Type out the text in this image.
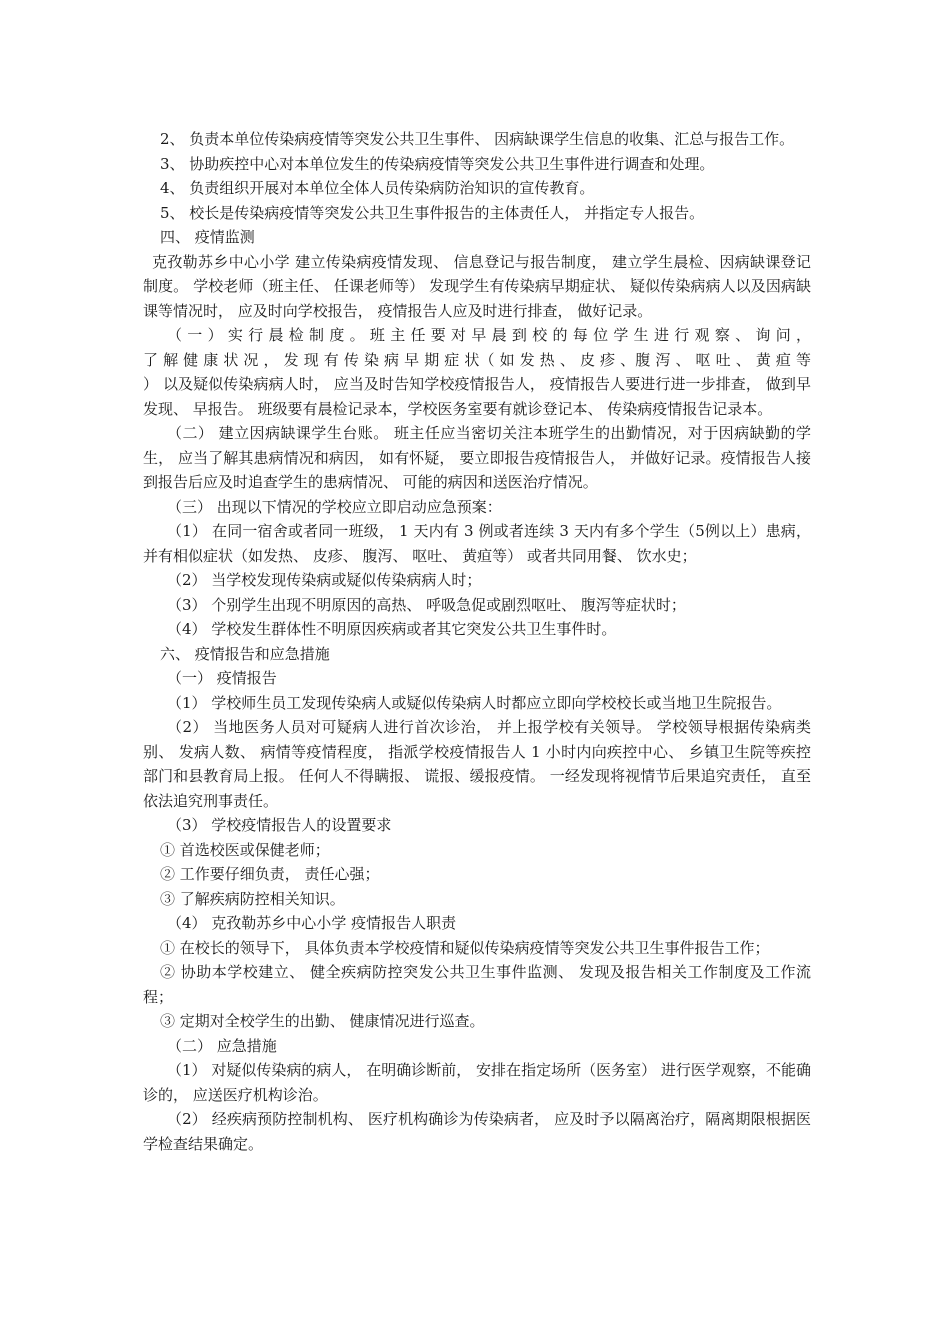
2、 负责本单位传染病疫情等突发公共卫生事件、 因病缺课学生信息的收集、汇总与报告工作。

3、 协助疾控中心对本单位发生的传染病疫情等突发公共卫生事件进行调查和处理。

4、 负责组织开展对本单位全体人员传染病防治知识的宣传教育。

5、 校长是传染病疫情等突发公共卫生事件报告的主体责任人， 并指定专人报告。

四、 疫情监测

克孜勒苏乡中心小学 建立传染病疫情发现、 信息登记与报告制度， 建立学生晨检、因病缺课登记制度。 学校老师（班主任、 任课老师等） 发现学生有传染病早期症状、 疑似传染病病人以及因病缺课等情况时， 应及时向学校报告， 疫情报告人应及时进行排查， 做好记录。

（ 一 ） 实 行 晨 检 制 度 。 班 主 任 要 对 早 晨 到 校 的 每 位 学 生 进 行 观 察 、 询 问 ， 了 解 健 康 状 况 ， 发 现 有 传 染 病 早 期 症 状（ 如 发 热 、 皮 疹 、腹 泻 、 呕 吐 、 黄 疸 等 ） 以及疑似传染病病人时， 应当及时告知学校疫情报告人， 疫情报告人要进行进一步排查， 做到早发现、 早报告。 班级要有晨检记录本，学校医务室要有就诊登记本、 传染病疫情报告记录本。

（二） 建立因病缺课学生台账。 班主任应当密切关注本班学生的出勤情况，对于因病缺勤的学生， 应当了解其患病情况和病因， 如有怀疑， 要立即报告疫情报告人， 并做好记录。疫情报告人接到报告后应及时追查学生的患病情况、 可能的病因和送医治疗情况。

（三） 出现以下情况的学校应立即启动应急预案：

（1） 在同一宿舍或者同一班级， 1 天内有 3 例或者连续 3 天内有多个学生（5例以上）患病， 并有相似症状（如发热、 皮疹、 腹泻、 呕吐、 黄疸等） 或者共同用餐、 饮水史；

（2） 当学校发现传染病或疑似传染病病人时；

（3） 个别学生出现不明原因的高热、 呼吸急促或剧烈呕吐、 腹泻等症状时；

（4） 学校发生群体性不明原因疾病或者其它突发公共卫生事件时。

六、 疫情报告和应急措施

（一） 疫情报告

（1） 学校师生员工发现传染病人或疑似传染病人时都应立即向学校校长或当地卫生院报告。

（2） 当地医务人员对可疑病人进行首次诊治， 并上报学校有关领导。 学校领导根据传染病类别、 发病人数、 病情等疫情程度， 指派学校疫情报告人 1 小时内向疾控中心、 乡镇卫生院等疾控部门和县教育局上报。 任何人不得瞒报、 谎报、缓报疫情。 一经发现将视情节后果追究责任， 直至依法追究刑事责任。

（3） 学校疫情报告人的设置要求

① 首选校医或保健老师；

② 工作要仔细负责， 责任心强；

③ 了解疾病防控相关知识。

（4） 克孜勒苏乡中心小学 疫情报告人职责

① 在校长的领导下， 具体负责本学校疫情和疑似传染病疫情等突发公共卫生事件报告工作；

② 协助本学校建立、 健全疾病防控突发公共卫生事件监测、 发现及报告相关工作制度及工作流程；

③ 定期对全校学生的出勤、 健康情况进行巡查。

（二） 应急措施

（1） 对疑似传染病的病人， 在明确诊断前， 安排在指定场所（医务室） 进行医学观察，不能确诊的， 应送医疗机构诊治。

（2） 经疾病预防控制机构、 医疗机构确诊为传染病者， 应及时予以隔离治疗，隔离期限根据医学检查结果确定。
